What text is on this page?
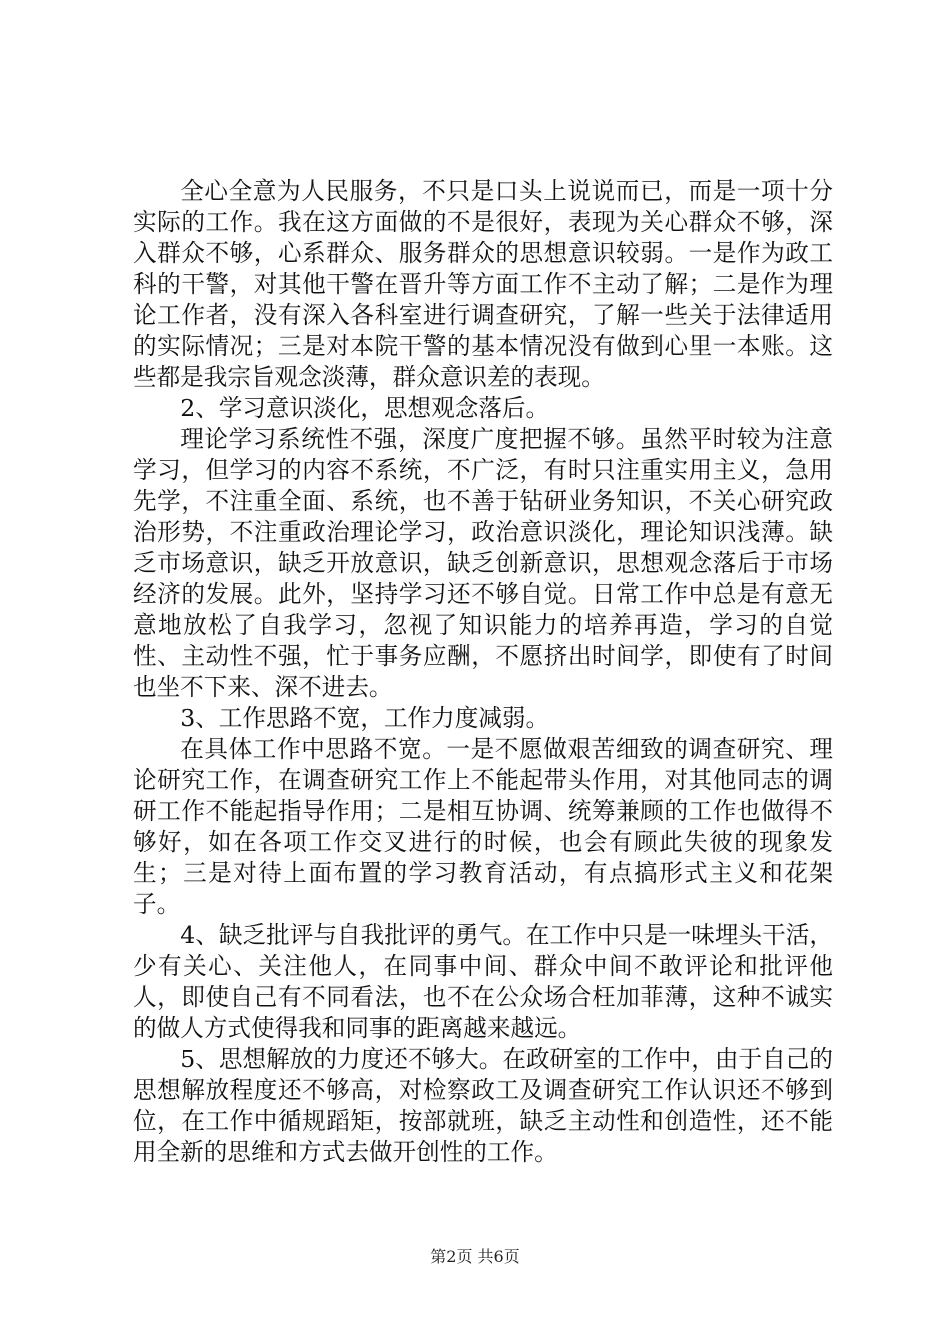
全心全意为人民服务，不只是口头上说说而已，而是一项十分实际的工作。我在这方面做的不是很好，表现为关心群众不够，深入群众不够，心系群众、服务群众的思想意识较弱。一是作为政工科的干警，对其他干警在晋升等方面工作不主动了解；二是作为理论工作者，没有深入各科室进行调查研究，了解一些关于法律适用的实际情况；三是对本院干警的基本情况没有做到心里一本账。这些都是我宗旨观念淡薄，群众意识差的表现。

2、学习意识淡化，思想观念落后。

理论学习系统性不强，深度广度把握不够。虽然平时较为注意学习，但学习的内容不系统，不广泛，有时只注重实用主义，急用先学，不注重全面、系统，也不善于钻研业务知识，不关心研究政治形势，不注重政治理论学习，政治意识淡化，理论知识浅薄。缺乏市场意识，缺乏开放意识，缺乏创新意识，思想观念落后于市场经济的发展。此外，坚持学习还不够自觉。日常工作中总是有意无意地放松了自我学习，忽视了知识能力的培养再造，学习的自觉性、主动性不强，忙于事务应酬，不愿挤出时间学，即使有了时间也坐不下来、深不进去。

3、工作思路不宽，工作力度减弱。

在具体工作中思路不宽。一是不愿做艰苦细致的调查研究、理论研究工作，在调查研究工作上不能起带头作用，对其他同志的调研工作不能起指导作用；二是相互协调、统筹兼顾的工作也做得不够好，如在各项工作交叉进行的时候，也会有顾此失彼的现象发生；三是对待上面布置的学习教育活动，有点搞形式主义和花架子。

4、缺乏批评与自我批评的勇气。在工作中只是一味埋头干活，少有关心、关注他人，在同事中间、群众中间不敢评论和批评他人，即使自己有不同看法，也不在公众场合枉加菲薄，这种不诚实的做人方式使得我和同事的距离越来越远。

5、思想解放的力度还不够大。在政研室的工作中，由于自己的思想解放程度还不够高，对检察政工及调查研究工作认识还不够到位，在工作中循规蹈矩，按部就班，缺乏主动性和创造性，还不能用全新的思维和方式去做开创性的工作。

第2页 共6页
